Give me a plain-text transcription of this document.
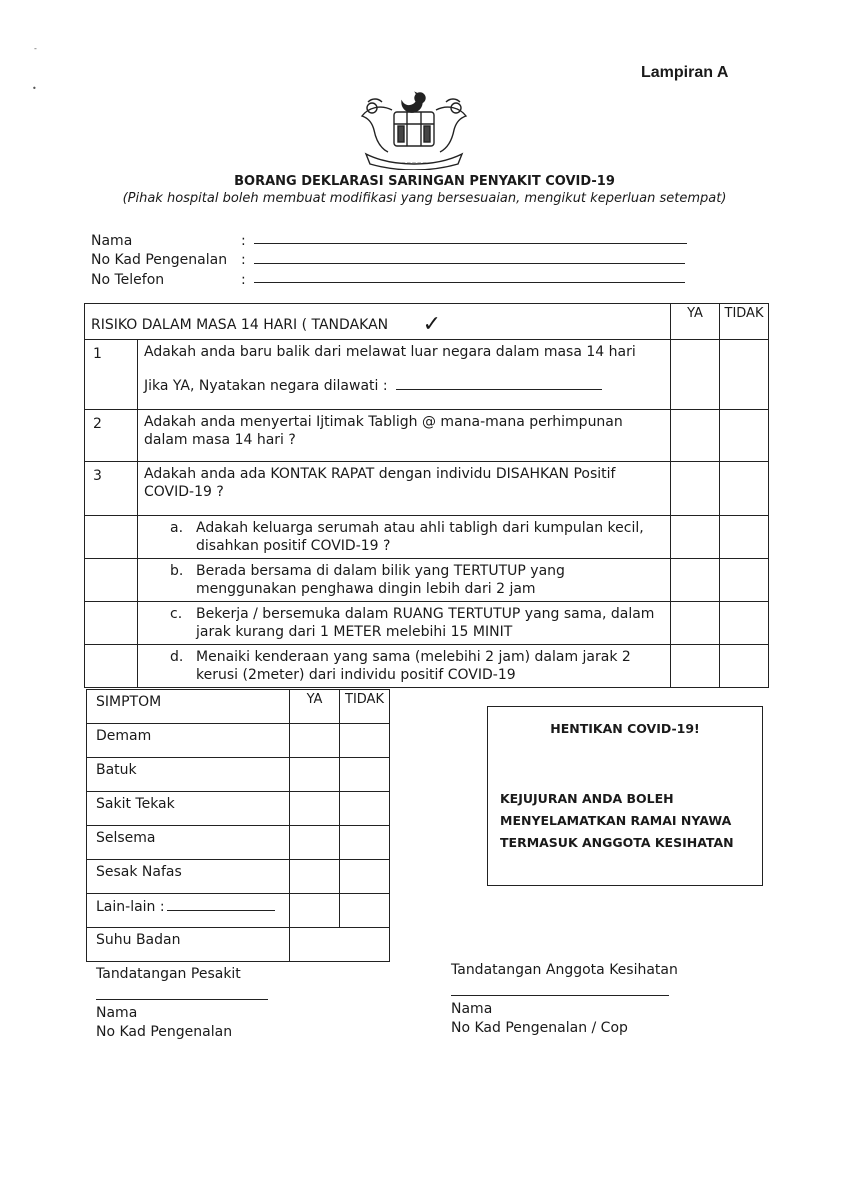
-
•
Lampiran A
— — — — —
BORANG DEKLARASI SARINGAN PENYAKIT COVID-19
(Pihak hospital boleh membuat modifikasi yang bersesuaian, mengikut keperluan setempat)
Nama	:
No Kad Pengenalan :
No Telefon	:
RISIKO DALAM MASA 14 HARI ( TANDAKAN ✓		YA	TIDAK
1	Adakah anda baru balik dari melawat luar negara dalam masa 14 hari
Jika YA, Nyatakan negara dilawati :		

2	Adakah anda menyertai Ijtimak Tabligh @ mana-mana perhimpunan dalam masa 14 hari ?		
3	Adakah anda ada KONTAK RAPAT dengan individu DISAHKAN Positif COVID-19 ?		

	a. Adakah keluarga serumah atau ahli tabligh dari kumpulan kecil, disahkan positif COVID-19 ?		

	b. Berada bersama di dalam bilik yang TERTUTUP yang menggunakan penghawa dingin lebih dari 2 jam		

	c. Bekerja / bersemuka dalam RUANG TERTUTUP yang sama, dalam jarak kurang dari 1 METER melebihi 15 MINIT		

	d. Menaiki kenderaan yang sama (melebihi 2 jam) dalam jarak 2 kerusi (2meter) dari individu positif COVID-19		

SIMPTOM	YA	TIDAK
Demam		
Batuk		
Sakit Tekak		
Selsema		
Sesak Nafas		
Lain-lain :		
Suhu Badan		
HENTIKAN COVID-19!
KEJUJURAN ANDA BOLEH
MENYELAMATKAN RAMAI NYAWA
TERMASUK ANGGOTA KESIHATAN
Tandatangan Pesakit
Nama
No Kad Pengenalan
Tandatangan Anggota Kesihatan
Nama
No Kad Pengenalan / Cop
